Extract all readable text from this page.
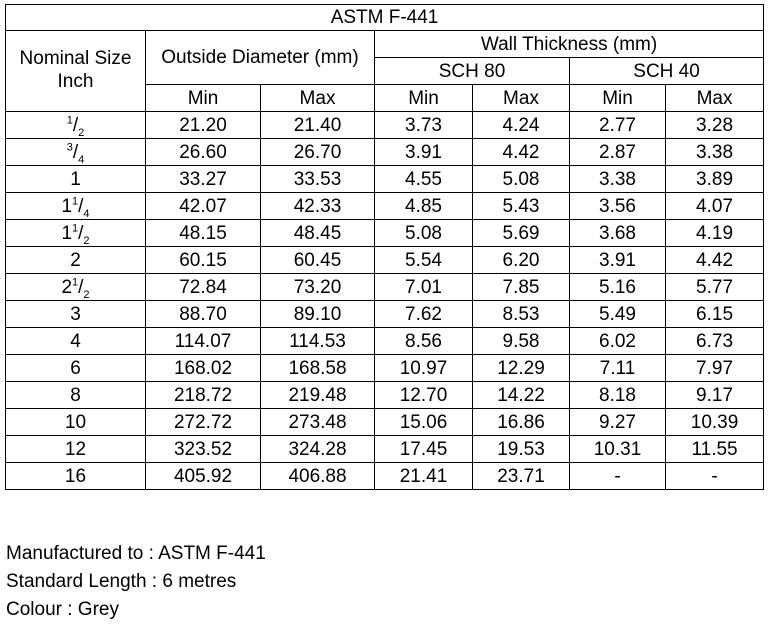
ASTM F-441						
Nominal Size
Inch	Outside Diameter (mm)		Wall Thickness (mm)			
			SCH 80		SCH 40	
	Min	Max	Min	Max	Min	Max
$^1/_2$	21.20	21.40	3.73	4.24	2.77	3.28
$^3/_4$	26.60	26.70	3.91	4.42	2.87	3.38
1	33.27	33.53	4.55	5.08	3.38	3.89
$1^1/_4$	42.07	42.33	4.85	5.43	3.56	4.07
$1^1/_2$	48.15	48.45	5.08	5.69	3.68	4.19
2	60.15	60.45	5.54	6.20	3.91	4.42
$2^1/_2$	72.84	73.20	7.01	7.85	5.16	5.77
3	88.70	89.10	7.62	8.53	5.49	6.15
4	114.07	114.53	8.56	9.58	6.02	6.73
6	168.02	168.58	10.97	12.29	7.11	7.97
8	218.72	219.48	12.70	14.22	8.18	9.17
10	272.72	273.48	15.06	16.86	9.27	10.39
12	323.52	324.28	17.45	19.53	10.31	11.55
16	405.92	406.88	21.41	23.71	-	-
Manufactured to : ASTM F-441
Standard Length : 6 metres
Colour : Grey
